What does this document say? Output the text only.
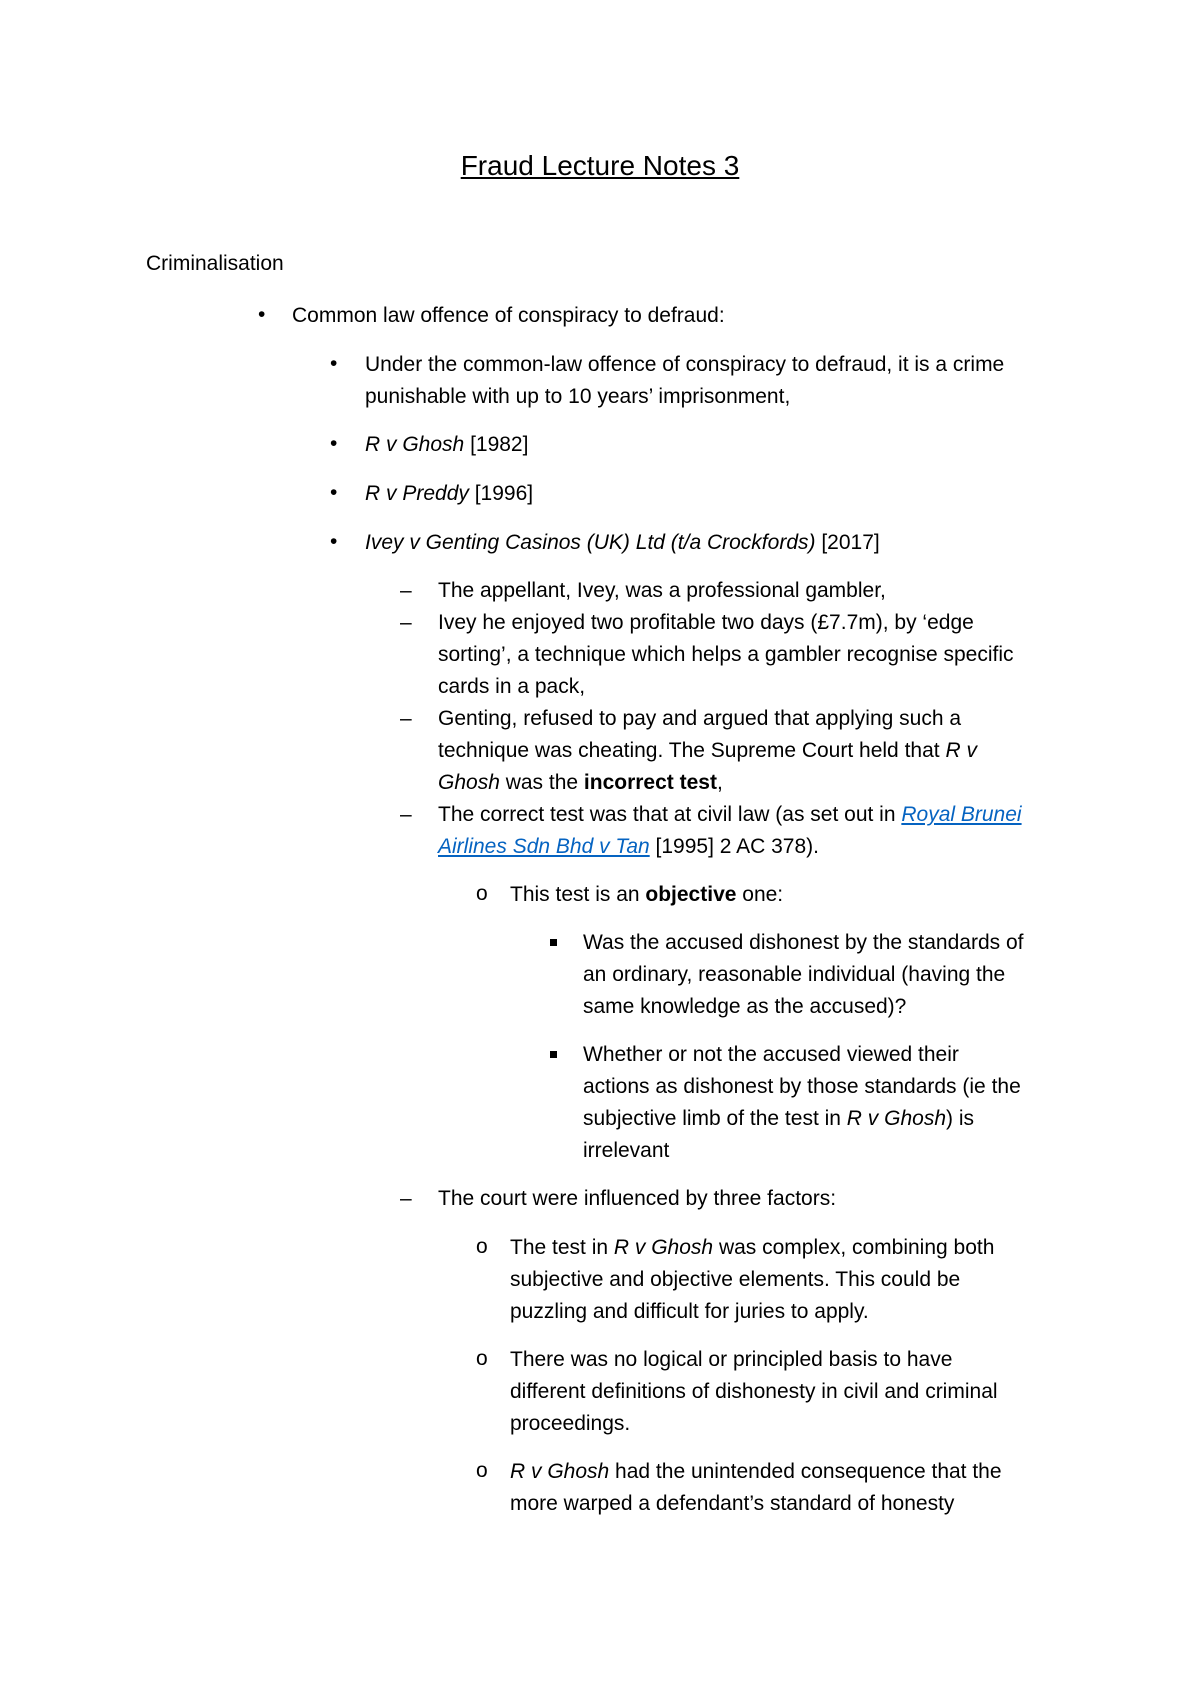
Fraud Lecture Notes 3
Criminalisation
• Common law offence of conspiracy to defraud:
• Under the common-law offence of conspiracy to defraud, it is a crime
punishable with up to 10 years’ imprisonment,
• R v Ghosh [1982]
• R v Preddy [1996]
• Ivey v Genting Casinos (UK) Ltd (t/a Crockfords) [2017]
– The appellant, Ivey, was a professional gambler,
– Ivey he enjoyed two profitable two days (£7.7m), by ‘edge
sorting’, a technique which helps a gambler recognise specific
cards in a pack,
– Genting, refused to pay and argued that applying such a
technique was cheating. The Supreme Court held that R v
Ghosh was the incorrect test,
– The correct test was that at civil law (as set out in Royal Brunei
Airlines Sdn Bhd v Tan [1995] 2 AC 378).
o This test is an objective one:
Was the accused dishonest by the standards of
an ordinary, reasonable individual (having the
same knowledge as the accused)?
Whether or not the accused viewed their
actions as dishonest by those standards (ie the
subjective limb of the test in R v Ghosh) is
irrelevant
– The court were influenced by three factors:
o The test in R v Ghosh was complex, combining both
subjective and objective elements. This could be
puzzling and difficult for juries to apply.
o There was no logical or principled basis to have
different definitions of dishonesty in civil and criminal
proceedings.
o R v Ghosh had the unintended consequence that the
more warped a defendant’s standard of honesty
